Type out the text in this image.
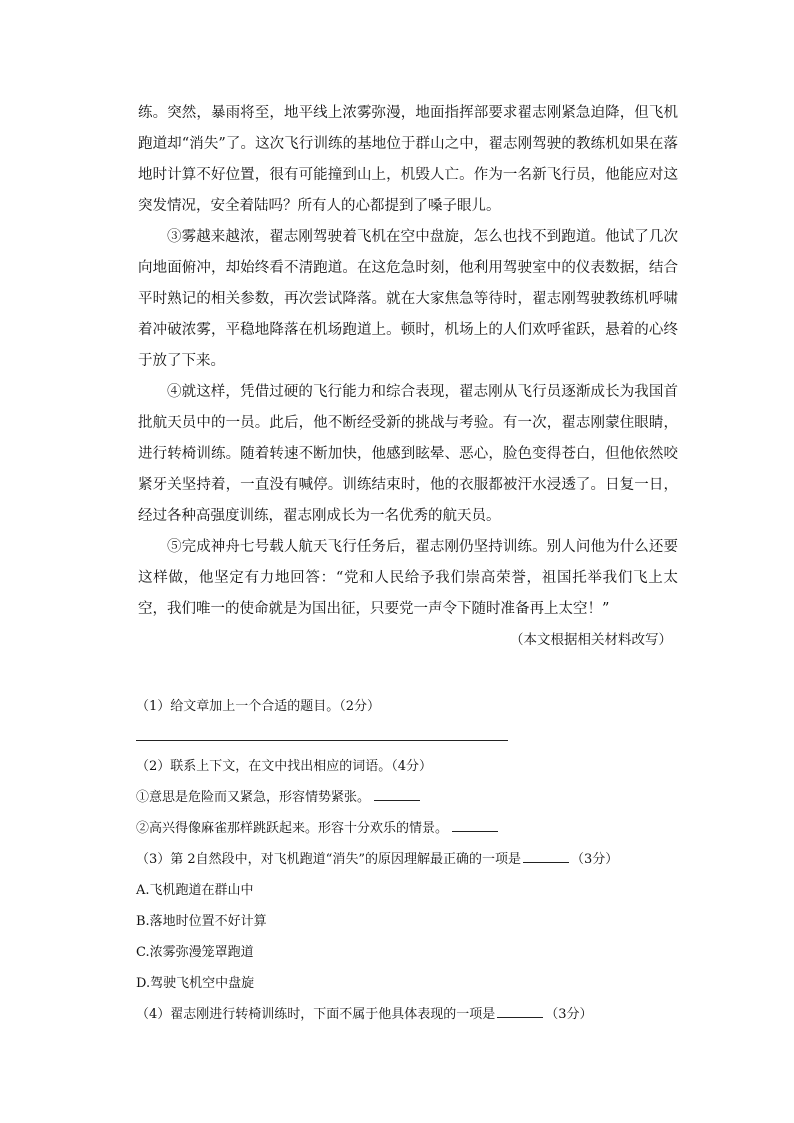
练。突然，暴雨将至，地平线上浓雾弥漫，地面指挥部要求翟志刚紧急迫降，但飞机跑道却“消失”了。这次飞行训练的基地位于群山之中，翟志刚驾驶的教练机如果在落地时计算不好位置，很有可能撞到山上，机毁人亡。作为一名新飞行员，他能应对这突发情况，安全着陆吗？所有人的心都提到了嗓子眼儿。

③雾越来越浓，翟志刚驾驶着飞机在空中盘旋，怎么也找不到跑道。他试了几次向地面俯冲，却始终看不清跑道。在这危急时刻，他利用驾驶室中的仪表数据，结合平时熟记的相关参数，再次尝试降落。就在大家焦急等待时，翟志刚驾驶教练机呼啸着冲破浓雾，平稳地降落在机场跑道上。顿时，机场上的人们欢呼雀跃，悬着的心终于放了下来。

④就这样，凭借过硬的飞行能力和综合表现，翟志刚从飞行员逐渐成长为我国首批航天员中的一员。此后，他不断经受新的挑战与考验。有一次，翟志刚蒙住眼睛，进行转椅训练。随着转速不断加快，他感到眩晕、恶心，脸色变得苍白，但他依然咬紧牙关坚持着，一直没有喊停。训练结束时，他的衣服都被汗水浸透了。日复一日，经过各种高强度训练，翟志刚成长为一名优秀的航天员。

⑤完成神舟七号载人航天飞行任务后，翟志刚仍坚持训练。别人问他为什么还要这样做，他坚定有力地回答：“党和人民给予我们崇高荣誉，祖国托举我们飞上太空，我们唯一的使命就是为国出征，只要党一声令下随时准备再上太空！”

（本文根据相关材料改写）

（1）给文章加上一个合适的题目。（2分）

（2）联系上下文，在文中找出相应的词语。（4分）

①意思是危险而又紧急，形容情势紧张。

②高兴得像麻雀那样跳跃起来。形容十分欢乐的情景。

（3）第 2自然段中，对飞机跑道“消失”的原因理解最正确的一项是	（3分）

A.飞机跑道在群山中

B.落地时位置不好计算

C.浓雾弥漫笼罩跑道

D.驾驶飞机空中盘旋

（4）翟志刚进行转椅训练时，下面不属于他具体表现的一项是	（3分）
